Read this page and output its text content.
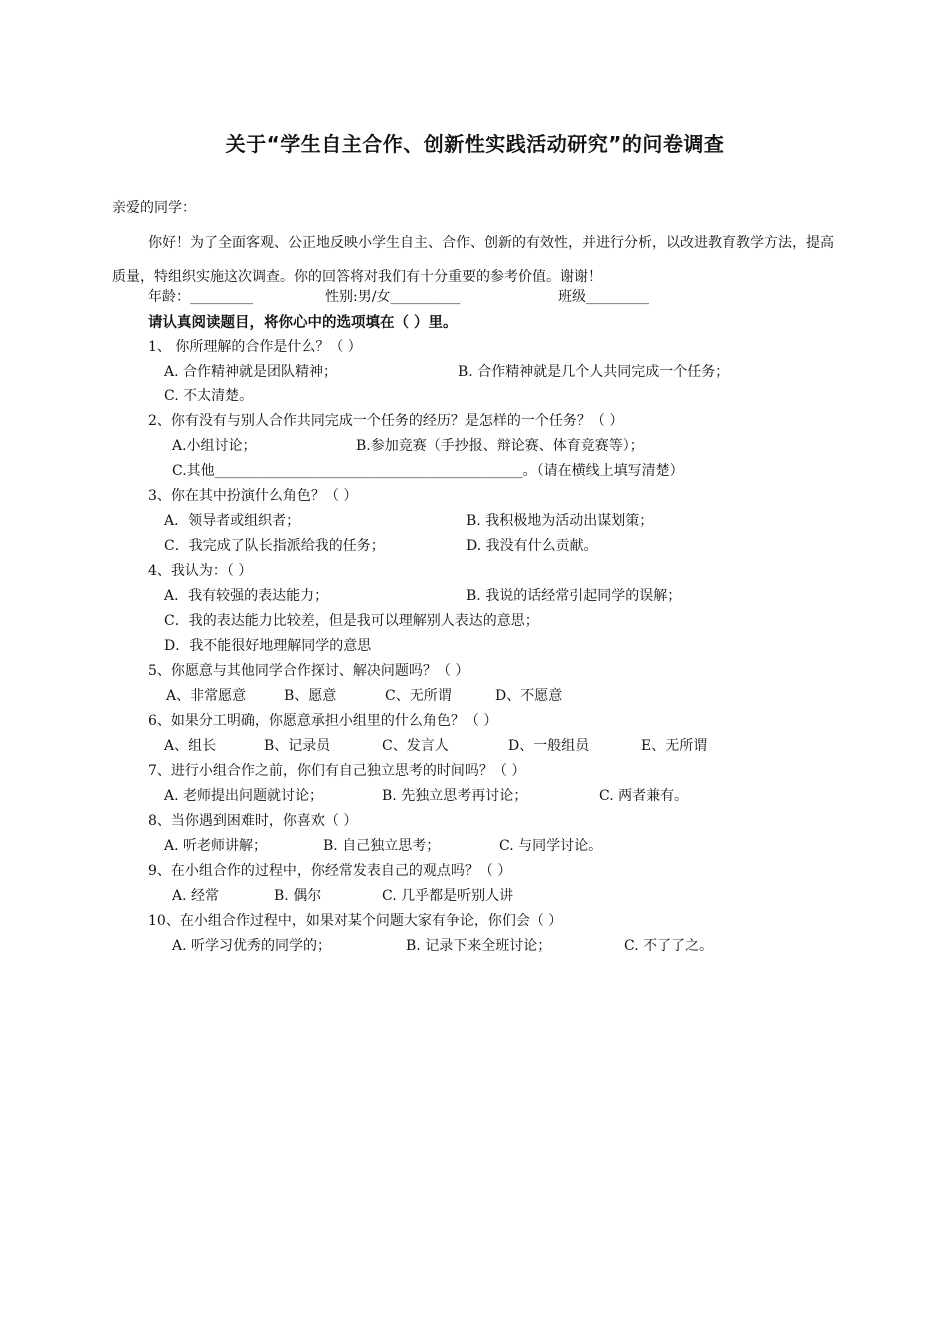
关于“学生自主合作、创新性实践活动研究”的问卷调查
亲爱的同学：
你好！为了全面客观、公正地反映小学生自主、合作、创新的有效性，并进行分析，以改进教育教学方法，提高质量，特组织实施这次调查。你的回答将对我们有十分重要的参考价值。谢谢！
年龄：_________	性别:男/女__________	班级_________
请认真阅读题目，将你心中的选项填在（ ）里。
1、 你所理解的合作是什么？（ ）
A. 合作精神就是团队精神；	B. 合作精神就是几个人共同完成一个任务；
C. 不太清楚。
2、你有没有与别人合作共同完成一个任务的经历？是怎样的一个任务？（ ）
A.小组讨论；	B.参加竞赛（手抄报、辩论赛、体育竞赛等）；
C.其他____________________________________________。（请在横线上填写清楚）
3、你在其中扮演什么角色？（ ）
A．领导者或组织者；	B. 我积极地为活动出谋划策；
C．我完成了队长指派给我的任务；	D. 我没有什么贡献。
4、我认为：（ ）
A．我有较强的表达能力；	B. 我说的话经常引起同学的误解；
C．我的表达能力比较差，但是我可以理解别人表达的意思；
D．我不能很好地理解同学的意思
5、你愿意与其他同学合作探讨、解决问题吗？（ ）
A、非常愿意	B、愿意	C、无所谓	D、不愿意
6、如果分工明确，你愿意承担小组里的什么角色？（ ）
A、组长	B、记录员	C、发言人	D、一般组员	E、无所谓
7、进行小组合作之前，你们有自己独立思考的时间吗？（ ）
A. 老师提出问题就讨论；	B. 先独立思考再讨论；	C. 两者兼有。
8、当你遇到困难时，你喜欢（ ）
A. 听老师讲解；	B. 自己独立思考；	C. 与同学讨论。
9、在小组合作的过程中，你经常发表自己的观点吗？（ ）
A. 经常	B. 偶尔	C. 几乎都是听别人讲
10、在小组合作过程中，如果对某个问题大家有争论，你们会（ ）
A. 听学习优秀的同学的；	B. 记录下来全班讨论；	C. 不了了之。
